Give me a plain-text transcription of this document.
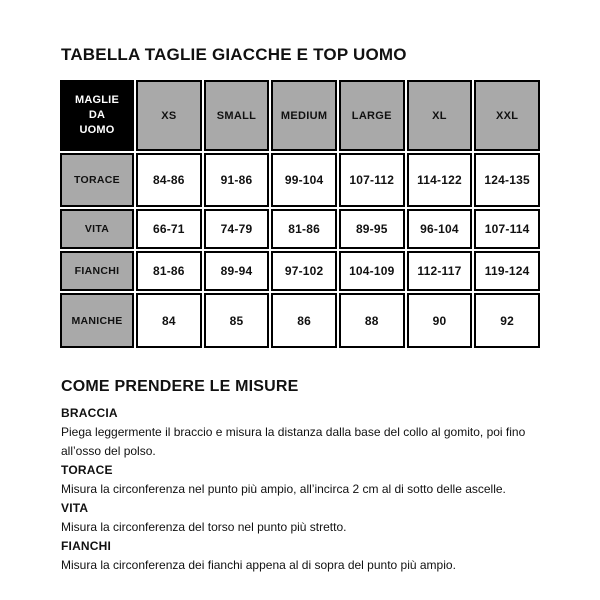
TABELLA TAGLIE GIACCHE E TOP UOMO
MAGLIE
DA
UOMO	XS	SMALL	MEDIUM	LARGE	XL	XXL
TORACE	84-86	91-86	99-104	107-112	114-122	124-135
VITA	66-71	74-79	81-86	89-95	96-104	107-114
FIANCHI	81-86	89-94	97-102	104-109	112-117	119-124
MANICHE	84	85	86	88	90	92
COME PRENDERE LE MISURE

BRACCIA

Piega leggermente il braccio e misura la distanza dalla base del collo al gomito, poi fino all’osso del polso.

TORACE

Misura la circonferenza nel punto più ampio, all’incirca 2 cm al di sotto delle ascelle.

VITA

Misura la circonferenza del torso nel punto più stretto.

FIANCHI

Misura la circonferenza dei fianchi appena al di sopra del punto più ampio.
